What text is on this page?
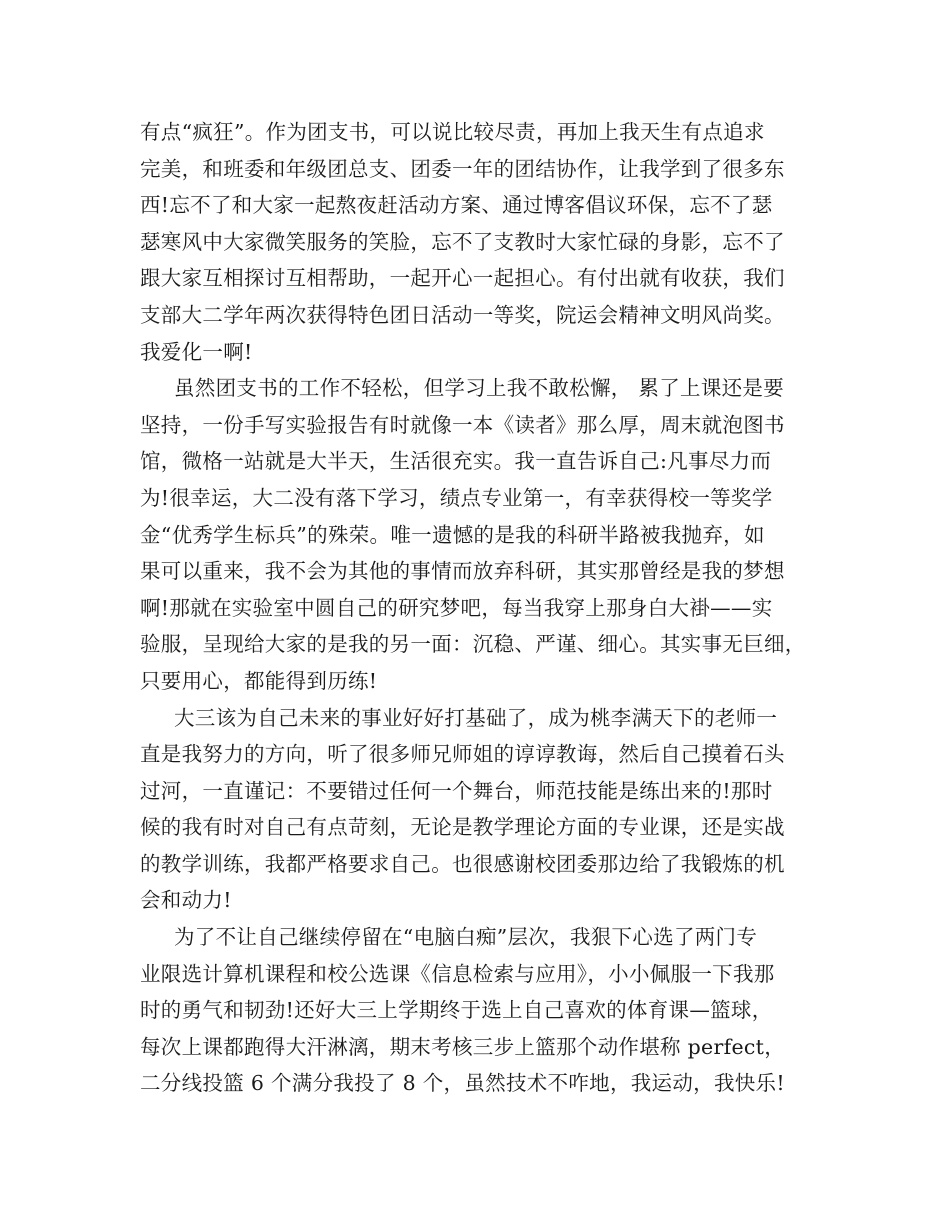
有点“疯狂”。作为团支书，可以说比较尽责，再加上我天生有点追求
完美，和班委和年级团总支、团委一年的团结协作，让我学到了很多东
西!忘不了和大家一起熬夜赶活动方案、通过博客倡议环保，忘不了瑟
瑟寒风中大家微笑服务的笑脸，忘不了支教时大家忙碌的身影，忘不了
跟大家互相探讨互相帮助，一起开心一起担心。有付出就有收获，我们
支部大二学年两次获得特色团日活动一等奖，院运会精神文明风尚奖。
我爱化一啊!
虽然团支书的工作不轻松，但学习上我不敢松懈， 累了上课还是要
坚持，一份手写实验报告有时就像一本《读者》那么厚，周末就泡图书
馆，微格一站就是大半天，生活很充实。我一直告诉自己:凡事尽力而
为!很幸运，大二没有落下学习，绩点专业第一，有幸获得校一等奖学
金“优秀学生标兵”的殊荣。唯一遗憾的是我的科研半路被我抛弃，如
果可以重来，我不会为其他的事情而放弃科研，其实那曾经是我的梦想
啊!那就在实验室中圆自己的研究梦吧，每当我穿上那身白大褂——实
验服，呈现给大家的是我的另一面：沉稳、严谨、细心。其实事无巨细，
只要用心，都能得到历练!
大三该为自己未来的事业好好打基础了，成为桃李满天下的老师一
直是我努力的方向，听了很多师兄师姐的谆谆教诲，然后自己摸着石头
过河，一直谨记：不要错过任何一个舞台，师范技能是练出来的!那时
候的我有时对自己有点苛刻，无论是教学理论方面的专业课，还是实战
的教学训练，我都严格要求自己。也很感谢校团委那边给了我锻炼的机
会和动力!
为了不让自己继续停留在“电脑白痴”层次，我狠下心选了两门专
业限选计算机课程和校公选课《信息检索与应用》，小小佩服一下我那
时的勇气和韧劲!还好大三上学期终于选上自己喜欢的体育课—篮球，
每次上课都跑得大汗淋漓，期末考核三步上篮那个动作堪称 perfect，
二分线投篮 6 个满分我投了 8 个，虽然技术不咋地，我运动，我快乐!
